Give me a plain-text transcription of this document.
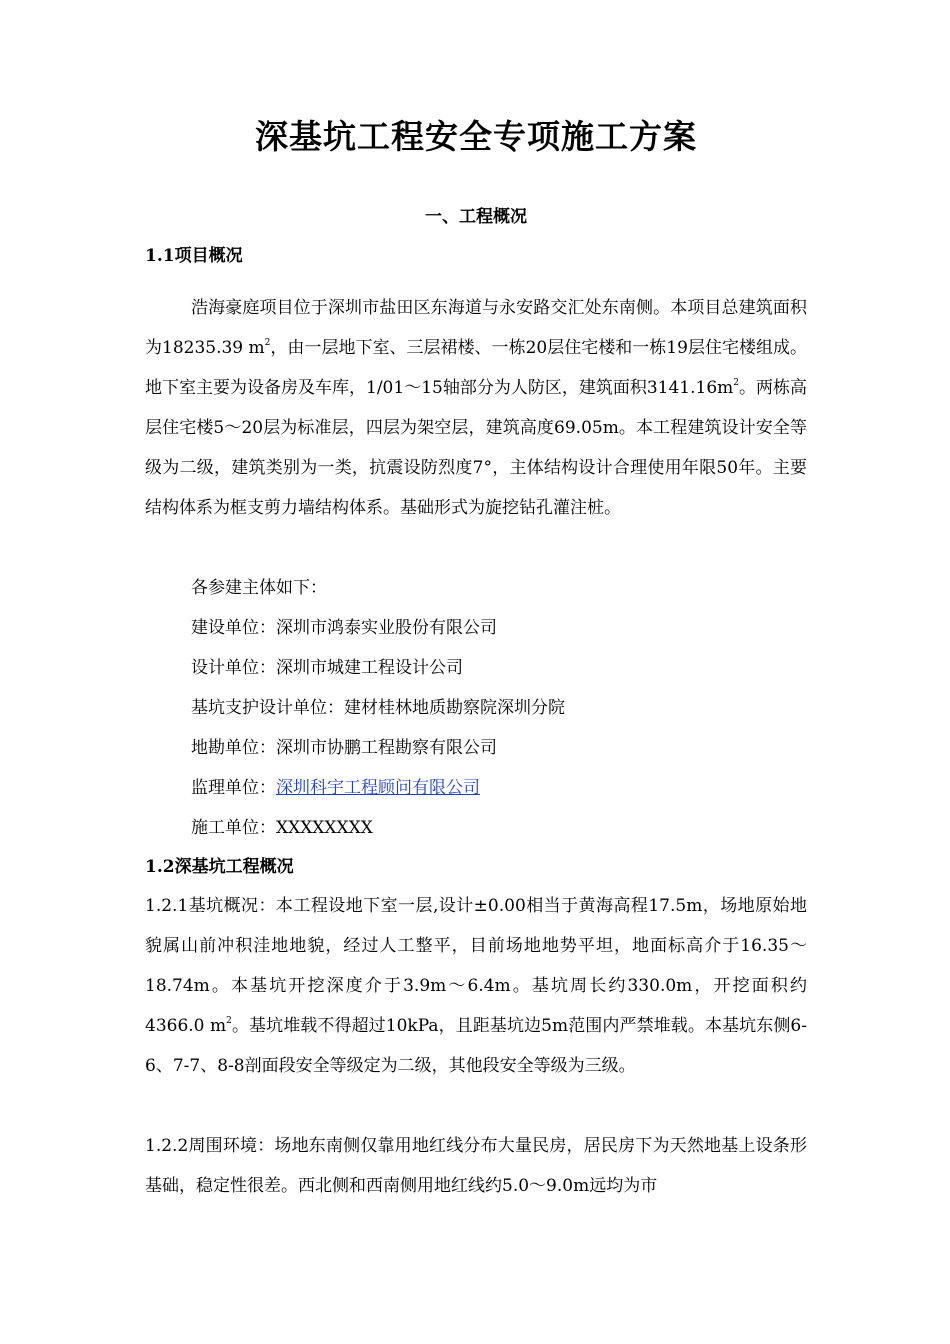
深基坑工程安全专项施工方案
一、工程概况
1.1项目概况

浩海豪庭项目位于深圳市盐田区东海道与永安路交汇处东南侧。本项目总建筑面积为18235.39 $m^2$，由一层地下室、三层裙楼、一栋20层住宅楼和一栋19层住宅楼组成。地下室主要为设备房及车库，1/01～15轴部分为人防区，建筑面积$3141.16m^2$。两栋高层住宅楼5～20层为标准层，四层为架空层，建筑高度69.05m。本工程建筑设计安全等级为二级，建筑类别为一类，抗震设防烈度7°，主体结构设计合理使用年限50年。主要结构体系为框支剪力墙结构体系。基础形式为旋挖钻孔灌注桩。

各参建主体如下：
建设单位：深圳市鸿泰实业股份有限公司
设计单位：深圳市城建工程设计公司
基坑支护设计单位：建材桂林地质勘察院深圳分院
地勘单位：深圳市协鹏工程勘察有限公司
监理单位：深圳科宇工程顾问有限公司
施工单位：XXXXXXXX
1.2深基坑工程概况

1.2.1基坑概况：本工程设地下室一层,设计±0.00相当于黄海高程17.5m，场地原始地貌属山前冲积洼地地貌，经过人工整平，目前场地地势平坦，地面标高介于16.35～18.74m。本基坑开挖深度介于3.9m～6.4m。基坑周长约330.0m，开挖面积约4366.0 $m^2$。基坑堆载不得超过10kPa，且距基坑边5m范围内严禁堆载。本基坑东侧6-6、7-7、8-8剖面段安全等级定为二级，其他段安全等级为三级。

1.2.2周围环境：场地东南侧仅靠用地红线分布大量民房，居民房下为天然地基上设条形基础，稳定性很差。西北侧和西南侧用地红线约5.0～9.0m远均为市
